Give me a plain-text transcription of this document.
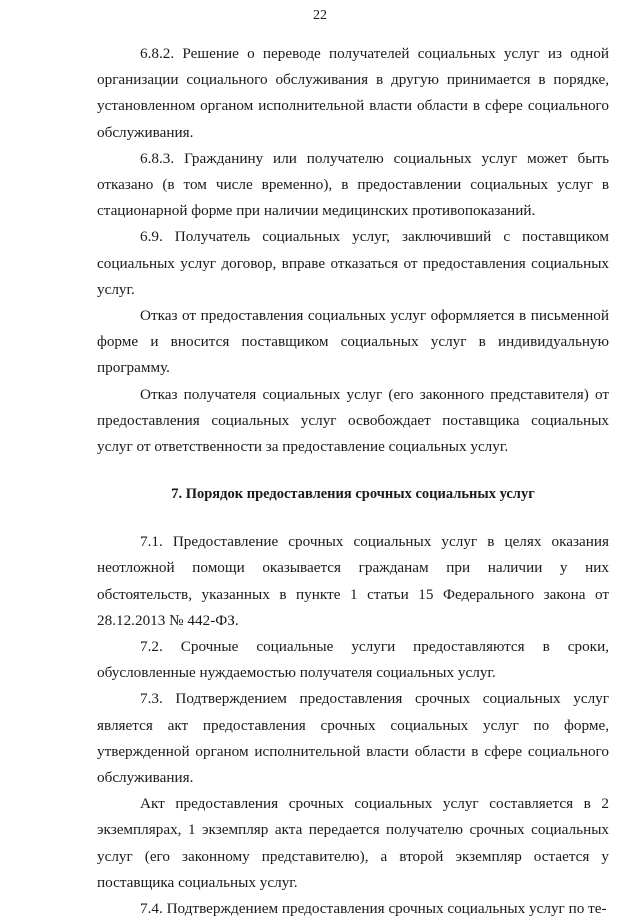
22

6.8.2. Решение о переводе получателей социальных услуг из одной организации социального обслуживания в другую принимается в порядке, установленном органом исполнительной власти области в сфере социального обслуживания.

6.8.3. Гражданину или получателю социальных услуг может быть отказано (в том числе временно), в предоставлении социальных услуг в стационарной форме при наличии медицинских противопоказаний.

6.9. Получатель социальных услуг, заключивший с поставщиком социальных услуг договор, вправе отказаться от предоставления социальных услуг.

Отказ от предоставления социальных услуг оформляется в письменной форме и вносится поставщиком социальных услуг в индивидуальную программу.

Отказ получателя социальных услуг (его законного представителя) от предоставления социальных услуг освобождает поставщика социальных услуг от ответственности за предоставление социальных услуг.

7. Порядок предоставления срочных социальных услуг

7.1. Предоставление срочных социальных услуг в целях оказания неотложной помощи оказывается гражданам при наличии у них обстоятельств, указанных в пункте 1 статьи 15 Федерального закона от 28.12.2013 № 442-ФЗ.

7.2. Срочные социальные услуги предоставляются в сроки, обусловленные нуждаемостью получателя социальных услуг.

7.3. Подтверждением предоставления срочных социальных услуг является акт предоставления срочных социальных услуг по форме, утвержденной органом исполнительной власти области в сфере социального обслуживания.

Акт предоставления срочных социальных услуг составляется в 2 экземплярах, 1 экземпляр акта передается получателю срочных социальных услуг (его законному представителю), а второй экземпляр остается у поставщика социальных услуг.

7.4. Подтверждением предоставления срочных социальных услуг по те-
